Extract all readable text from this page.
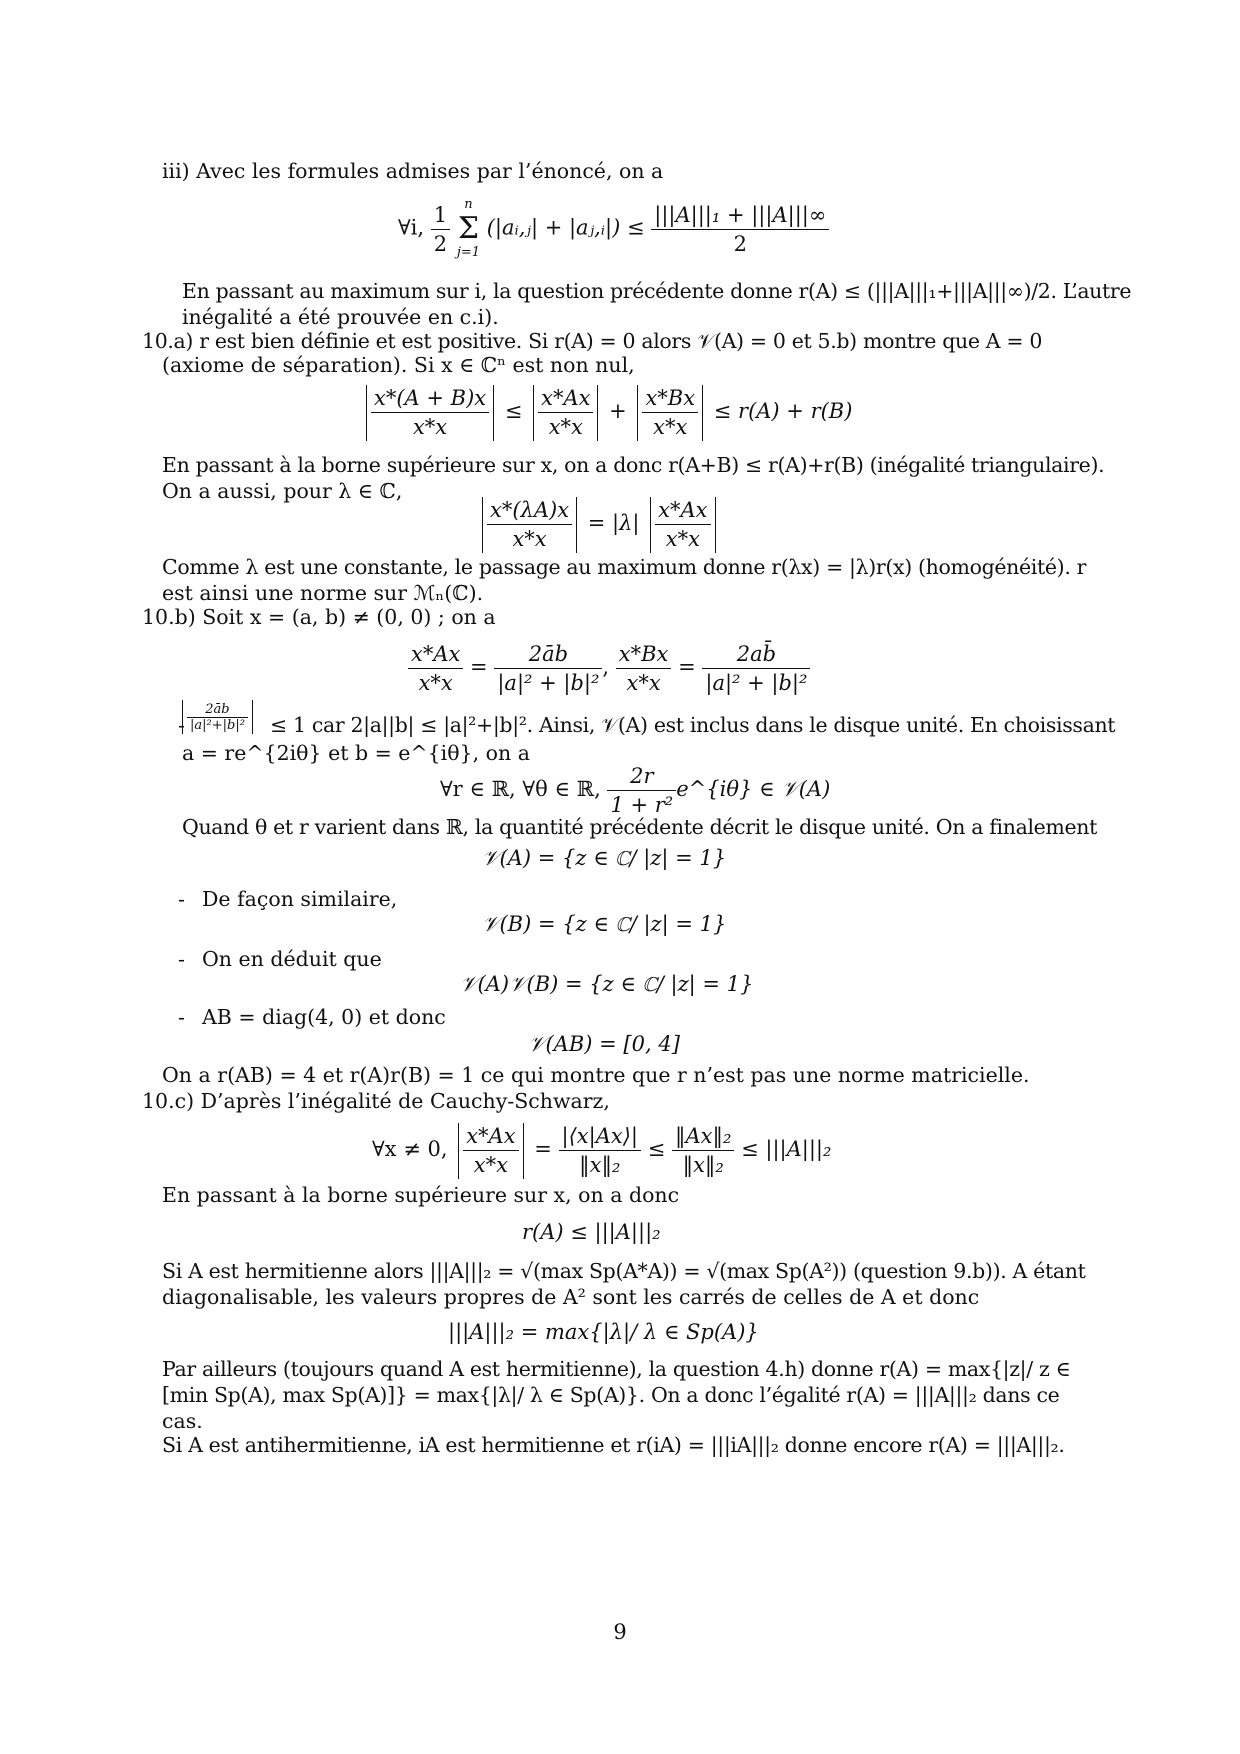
iii) Avec les formules admises par l’énoncé, on a
∀i, $\frac{1}{2}$
	n
Σ
j=1
(|aᵢ,ⱼ| + |aⱼ,ᵢ|) ≤ $\frac{\text{|||A|||₁ + |||A|||∞}}{2}$
En passant au maximum sur i, la question précédente donne r(A) ≤ (|||A|||₁+|||A|||∞)/2. L’autre
inégalité a été prouvée en c.i).
10.a) r est bien définie et est positive. Si r(A) = 0 alors 𝒱(A) = 0 et 5.b) montre que A = 0
(axiome de séparation). Si x ∈ ℂⁿ est non nul,
$\frac{x*(A + B)x}{x*x} \le \frac{x*Ax}{x*x} + \frac{x*Bx}{x*x} \le r(A) + r(B)$
En passant à la borne supérieure sur x, on a donc r(A+B) ≤ r(A)+r(B) (inégalité triangulaire).
On a aussi, pour λ ∈ ℂ,
$\frac{x*(\lambda A)x}{x*x} = |\lambda| \frac{x*Ax}{x*x}$
Comme λ est une constante, le passage au maximum donne r(λx) = |λ)r(x) (homogénéité). r
est ainsi une norme sur ℳₙ(ℂ).
10.b) Soit x = (a, b) ≠ (0, 0) ; on a
$\frac{x*Ax}{x*x} = \frac{2āb}{\text{|a|² + |b|²}}$ , $\frac{x*Bx}{x*x} = \frac{2ab̄}{\text{|a|² + |b|²}}$
- $\frac{2āb}{\text{|a|²+|b|²}} \le 1$ car 2|a||b| ≤ |a|²+|b|². Ainsi, 𝒱(A) est inclus dans le disque unité. En choisissant
a = re^{2iθ} et b = e^{iθ}, on a
∀r ∈ ℝ, ∀θ ∈ ℝ, $\frac{2r}{\text{1 + r²}}$ e^{iθ} ∈ 𝒱(A)
Quand θ et r varient dans ℝ, la quantité précédente décrit le disque unité. On a finalement
𝒱(A) = {z ∈ ℂ/ |z| = 1}
- De façon similaire,
𝒱(B) = {z ∈ ℂ/ |z| = 1}
- On en déduit que
𝒱(A)𝒱(B) = {z ∈ ℂ/ |z| = 1}
- AB = diag(4, 0) et donc
𝒱(AB) = [0, 4]
On a r(AB) = 4 et r(A)r(B) = 1 ce qui montre que r n’est pas une norme matricielle.
10.c) D’après l’inégalité de Cauchy-Schwarz,
∀x ≠ 0, $\frac{x*Ax}{x*x} = \frac{|⟨x|Ax⟩|}{\text{‖x‖₂}} \le \frac{\text{‖Ax‖₂}}{\text{‖x‖₂}} \le |||A|||_2$
En passant à la borne supérieure sur x, on a donc
r(A) ≤ |||A|||₂
Si A est hermitienne alors |||A|||₂ = √(max Sp(A*A)) = √(max Sp(A²)) (question 9.b)). A étant
diagonalisable, les valeurs propres de A² sont les carrés de celles de A et donc
|||A|||₂ = max{|λ|/ λ ∈ Sp(A)}
Par ailleurs (toujours quand A est hermitienne), la question 4.h) donne r(A) = max{|z|/ z ∈
[min Sp(A), max Sp(A)]} = max{|λ|/ λ ∈ Sp(A)}. On a donc l’égalité r(A) = |||A|||₂ dans ce
cas.
Si A est antihermitienne, iA est hermitienne et r(iA) = |||iA|||₂ donne encore r(A) = |||A|||₂.
9
